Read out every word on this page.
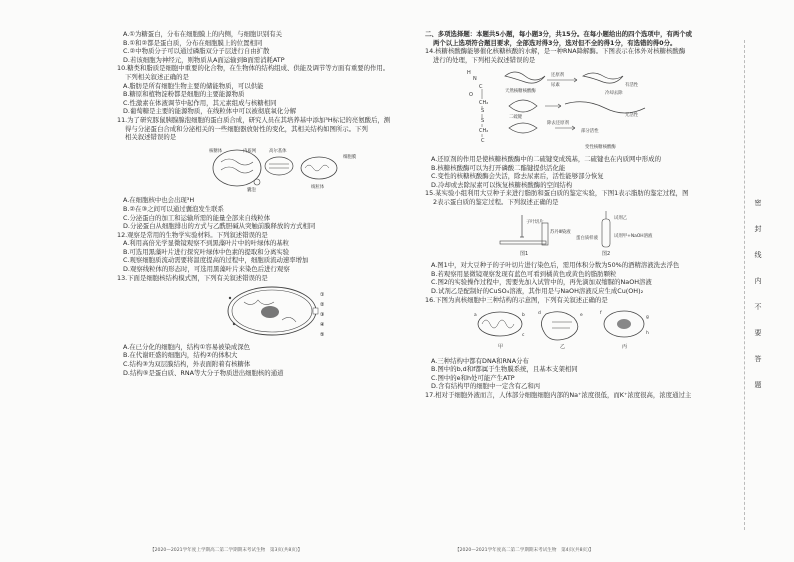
A.①为糖蛋白，分布在细胞膜上的内侧，与细胞识别有关
B.①和②都是蛋白质，分布在细胞膜上的位置相同
C.②中物质分子可以通过磷脂双分子层进行自由扩散
D.若该细胞为神经元，则物质从A面运输到B面需消耗ATP
10.糖类和脂质是细胞中重要的化合物，在生物体的结构组成、供能及调节等方面有重要的作用。
下列相关叙述正确的是
A.脂肪是所有细胞生物主要的储能物质，可以供能
B.糖原和植物淀粉都是细胞的主要能源物质
C.性激素在体液调节中起作用，其元素组成与核糖相同
D.葡萄糖是主要的能源物质，在线粒体中可以被彻底氧化分解
11.为了研究豚鼠胰腺腺泡细胞的蛋白质合成，研究人员在其培养基中添加³H标记的亮氨酸后，测
得与分泌蛋白合成和分泌相关的一些细胞器放射性的变化，其相关结构如图所示。下列
相关叙述错误的是
核糖体	内质网	高尔基体
细胞膜
线粒体
囊泡
A.在细胞核中也会出现³H
B.②在③之间可以通过囊泡发生联系
C.分泌蛋白的加工和运输所需的能量全部来自线粒体
D.分泌蛋白从细胞排出的方式与乙酰胆碱从突触前膜释放的方式相同
12.观察是常用的生物学实验材料。下列叙述错误的是
A.利用高倍光学显微镜观察不到黑藻叶片中的叶绿体的基粒
B.可选用黑藻叶片进行探究叶绿体中色素的提取和分离实验
C.观察细胞质流动需要将温度提高的过程中，细胞质流动速率增加
D.观察线粒体的形态时，可选用黑藻叶片来染色后进行观察
13.下面是细胞核结构模式图，下列有关叙述错误的是
①
②
③
④
⑤
A.在已分化的细胞内，结构①容易被染成深色
B.在代谢旺盛的细胞内，结构②的体积大
C.结构③为双层膜结构，外表面附着有核糖体
D.结构⑤是蛋白质、RNA等大分子物质进出细胞核的通道
二、多项选择题：本题共5小题，每小题3分，共15分。在每小题给出的四个选项中，有两个或
两个以上选项符合题目要求，全部选对得3分，选对但不全的得1分，有选错的得0分。
14.核糖核酸酶能够催化核糖核酸的水解，是一种RNA降解酶。下图表示在体外对核糖核酸酶
进行的处理，下列相关叙述错误的是
H
N
C
O
CH₂
S
S
CH₂
C
天然核糖核酸酶
还原剂
尿素
冷却去除
除去还原剂
有活性
无活性
部分活性
二硫键
变性核糖核酸酶
A.还原剂的作用是使核糖核酸酶中的二硫键变成巯基，二硫键也在内质网中形成的
B.核糖核酸酶可以为打开磷酸二酯键提供活化能
C.变性的核糖核酸酶会失活，除去尿素后，活性能够部分恢复
D.冷却或去除尿素可以恢复核糖核酸酶的空间结构
15.某实验小组利用大豆种子来进行脂肪和蛋白质的鉴定实验，下图1表示脂肪的鉴定过程，图
2表示蛋白质的鉴定过程。下列叙述正确的是
子叶切片
苏丹Ⅲ染液
试剂乙
蛋白质样液	试剂甲+NaOH溶液
图1	图2
A.图1中，对大豆种子的子叶切片进行染色后，需用体积分数为50%的酒精溶液洗去浮色
B.若观察用显微镜观察发现有蓝色可看到橘黄色或黄色的脂肪颗粒
C.图2的实验操作过程中，需要先加入试管中的，再先滴加双缩脲的NaOH溶液
D.试剂乙是配制好的CuSO₄溶液，其作用是与NaOH溶液反应生成Cu(OH)₂
16.下图为真核细胞中三种结构的示意图，下列有关叙述正确的是
甲	乙	丙
a	b
c
d	e	f
g
h
A.三种结构中都有DNA和RNA分布
B.图中的b,d和f都属于生物膜系统，且基本支架相同
C.图中的e和h处可能产生ATP
D.含有结构甲的细胞中一定含有乙和丙
17.相对于细胞外液而言，人体部分细胞细胞内部的Na⁺浓度很低，而K⁺浓度很高，浓度通过主
密
封
线
内
不
要
答
题
【2020—2021学年度上学期高二第二学期期末考试生物　第3页(共8页)】	【2020—2021学年度高二第二学期期末考试生物　第4页(共8页)】
